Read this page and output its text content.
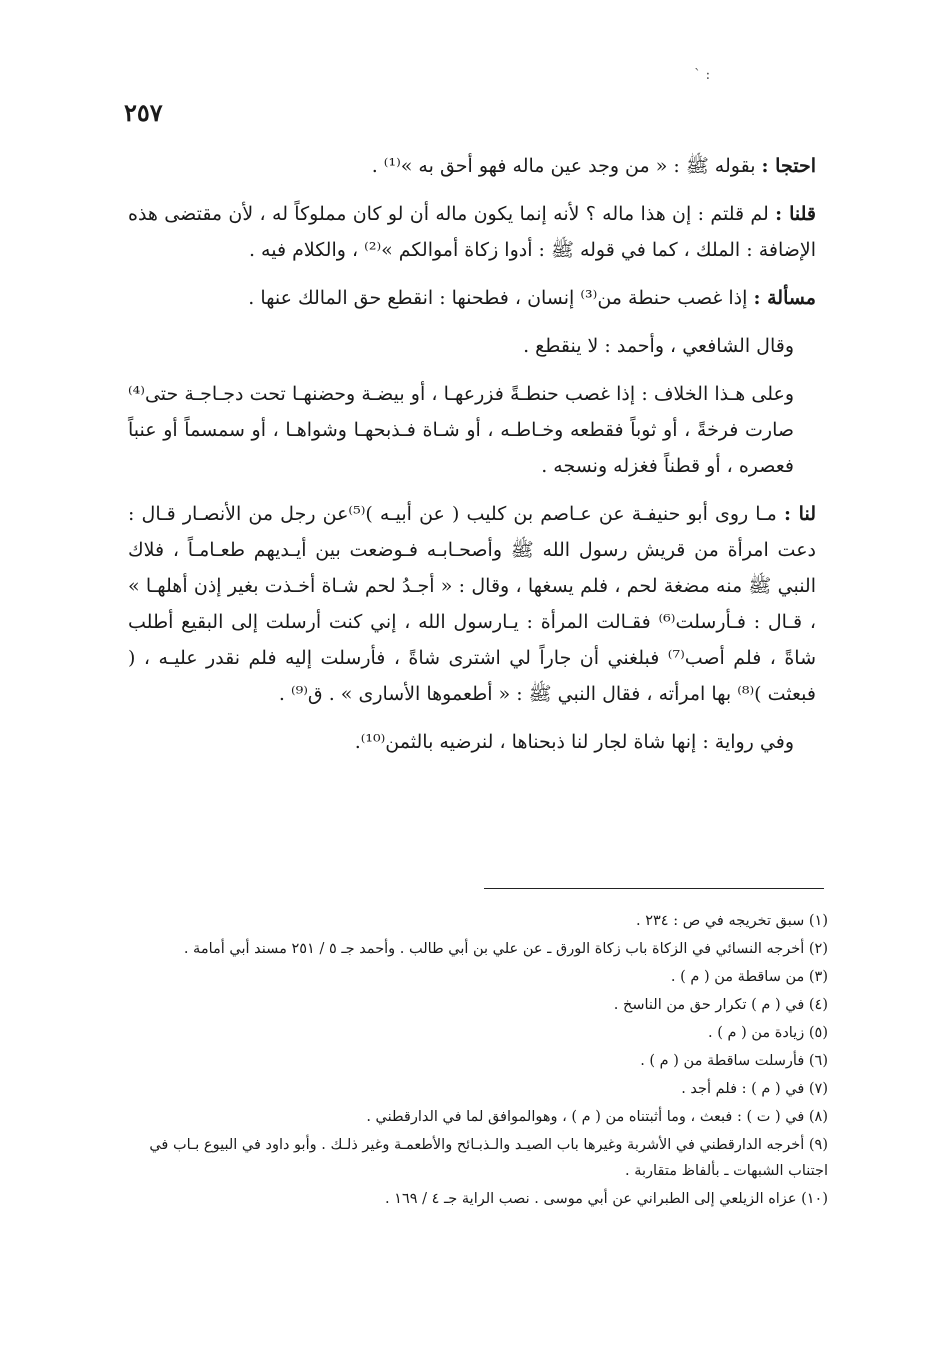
٢٥٧
` :

احتجا : بقوله ﷺ : « من وجد عين ماله فهو أحق به »⁽¹⁾ .

قلنا : لم قلتم : إن هذا ماله ؟ لأنه إنما يكون ماله أن لو كان مملوكاً له ، لأن مقتضى هذه الإضافة : الملك ، كما في قوله ﷺ : أدوا زكاة أموالكم »⁽²⁾ ، والكلام فيه .

مسألة : إذا غصب حنطة من⁽³⁾ إنسان ، فطحنها : انقطع حق المالك عنها .

وقال الشافعي ، وأحمد : لا ينقطع .

وعلى هـذا الخلاف : إذا غصب حنطـةً فزرعهـا ، أو بيضـة وحضنهـا تحت دجـاجـة حتى⁽⁴⁾ صارت فرخةً ، أو ثوباً فقطعه وخـاطـه ، أو شـاة فـذبحهـا وشواهـا ، أو سمسماً أو عنباً فعصره ، أو قطناً فغزله ونسجه .

لنا : مـا روى أبو حنيفـة عن عـاصم بن كليب ( عن أبيـه )⁽⁵⁾عن رجل من الأنصـار قـال : دعت امرأة من قريش رسول الله ﷺ وأصحـابـه فـوضعت بين أيـديهم طعـامـاً ، فلاك النبي ﷺ منه مضغة لحم ، فلم يسغها ، وقال : « أجـدُ لحم شـاة أخـذت بغير إذن أهلهـا » ، قـال : فـأرسلت⁽⁶⁾ فقـالت المرأة : يـارسول الله ، إني كنت أرسلت إلى البقيع أطلب شاةً ، فلم أصب⁽⁷⁾ فبلغني أن جاراً لي اشترى شاةً ، فأرسلت إليه فلم نقدر عليـه ، ( فبعثت )⁽⁸⁾ بها امرأته ، فقال النبي ﷺ : « أطعموها الأسارى » . ق⁽⁹⁾ .

وفي رواية : إنها شاة لجار لنا ذبحناها ، لنرضيه بالثمن⁽¹⁰⁾.

(١) سبق تخريجه في ص : ٢٣٤ .

(٢) أخرجه النسائي في الزكاة باب زكاة الورق ـ عن علي بن أبي طالب . وأحمد جـ ٥ / ٢٥١ مسند أبي أمامة .

(٣) من ساقطة من ( م ) .

(٤) في ( م ) تكرار حق من الناسخ .

(٥) زيادة من ( م ) .

(٦) فأرسلت ساقطة من ( م ) .

(٧) في ( م ) : فلم أجد .

(٨) في ( ت ) : فبعث ، وما أثبتناه من ( م ) ، وهوالموافق لما في الدارقطني .

(٩) أخرجه الدارقطني في الأشربة وغيرها باب الصيـد والـذبـائح والأطعمـة وغير ذلـك . وأبو داود في البيوع بـاب في اجتناب الشبهات ـ بألفاظ متقاربة .

(١٠) عزاه الزيلعي إلى الطبراني عن أبي موسى . نصب الراية جـ ٤ / ١٦٩ .
